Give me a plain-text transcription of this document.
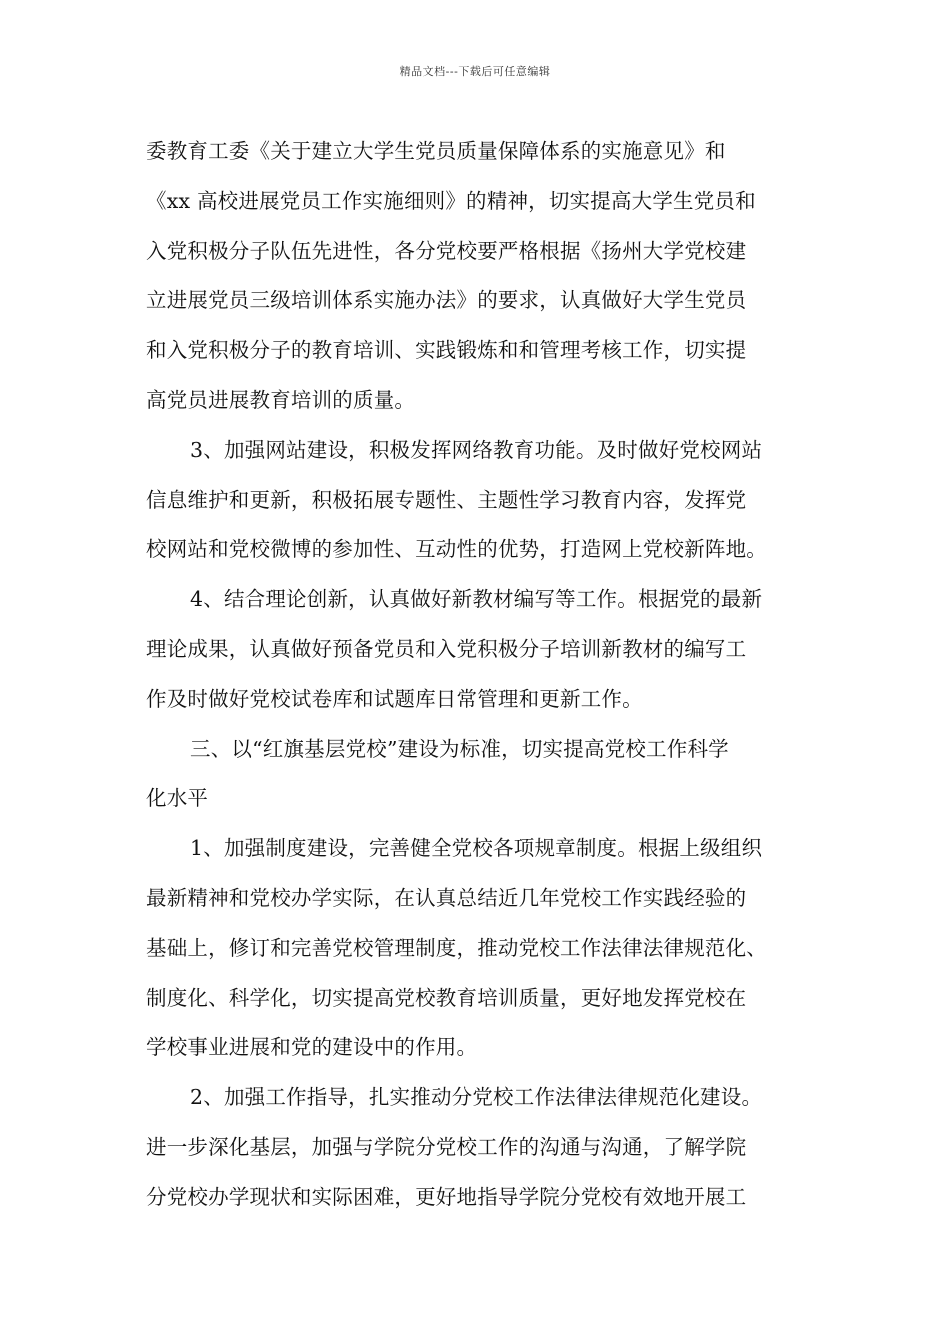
精品文档---下载后可任意编辑
委教育工委《关于建立大学生党员质量保障体系的实施意见》和
《xx 高校进展党员工作实施细则》的精神，切实提高大学生党员和
入党积极分子队伍先进性，各分党校要严格根据《扬州大学党校建
立进展党员三级培训体系实施办法》的要求，认真做好大学生党员
和入党积极分子的教育培训、实践锻炼和和管理考核工作，切实提
高党员进展教育培训的质量。
3、加强网站建设，积极发挥网络教育功能。及时做好党校网站
信息维护和更新，积极拓展专题性、主题性学习教育内容，发挥党
校网站和党校微博的参加性、互动性的优势，打造网上党校新阵地。
4、结合理论创新，认真做好新教材编写等工作。根据党的最新
理论成果，认真做好预备党员和入党积极分子培训新教材的编写工
作及时做好党校试卷库和试题库日常管理和更新工作。
三、以“红旗基层党校”建设为标准，切实提高党校工作科学
化水平
1、加强制度建设，完善健全党校各项规章制度。根据上级组织
最新精神和党校办学实际，在认真总结近几年党校工作实践经验的
基础上，修订和完善党校管理制度，推动党校工作法律法律规范化、
制度化、科学化，切实提高党校教育培训质量，更好地发挥党校在
学校事业进展和党的建设中的作用。
2、加强工作指导，扎实推动分党校工作法律法律规范化建设。
进一步深化基层，加强与学院分党校工作的沟通与沟通，了解学院
分党校办学现状和实际困难，更好地指导学院分党校有效地开展工
